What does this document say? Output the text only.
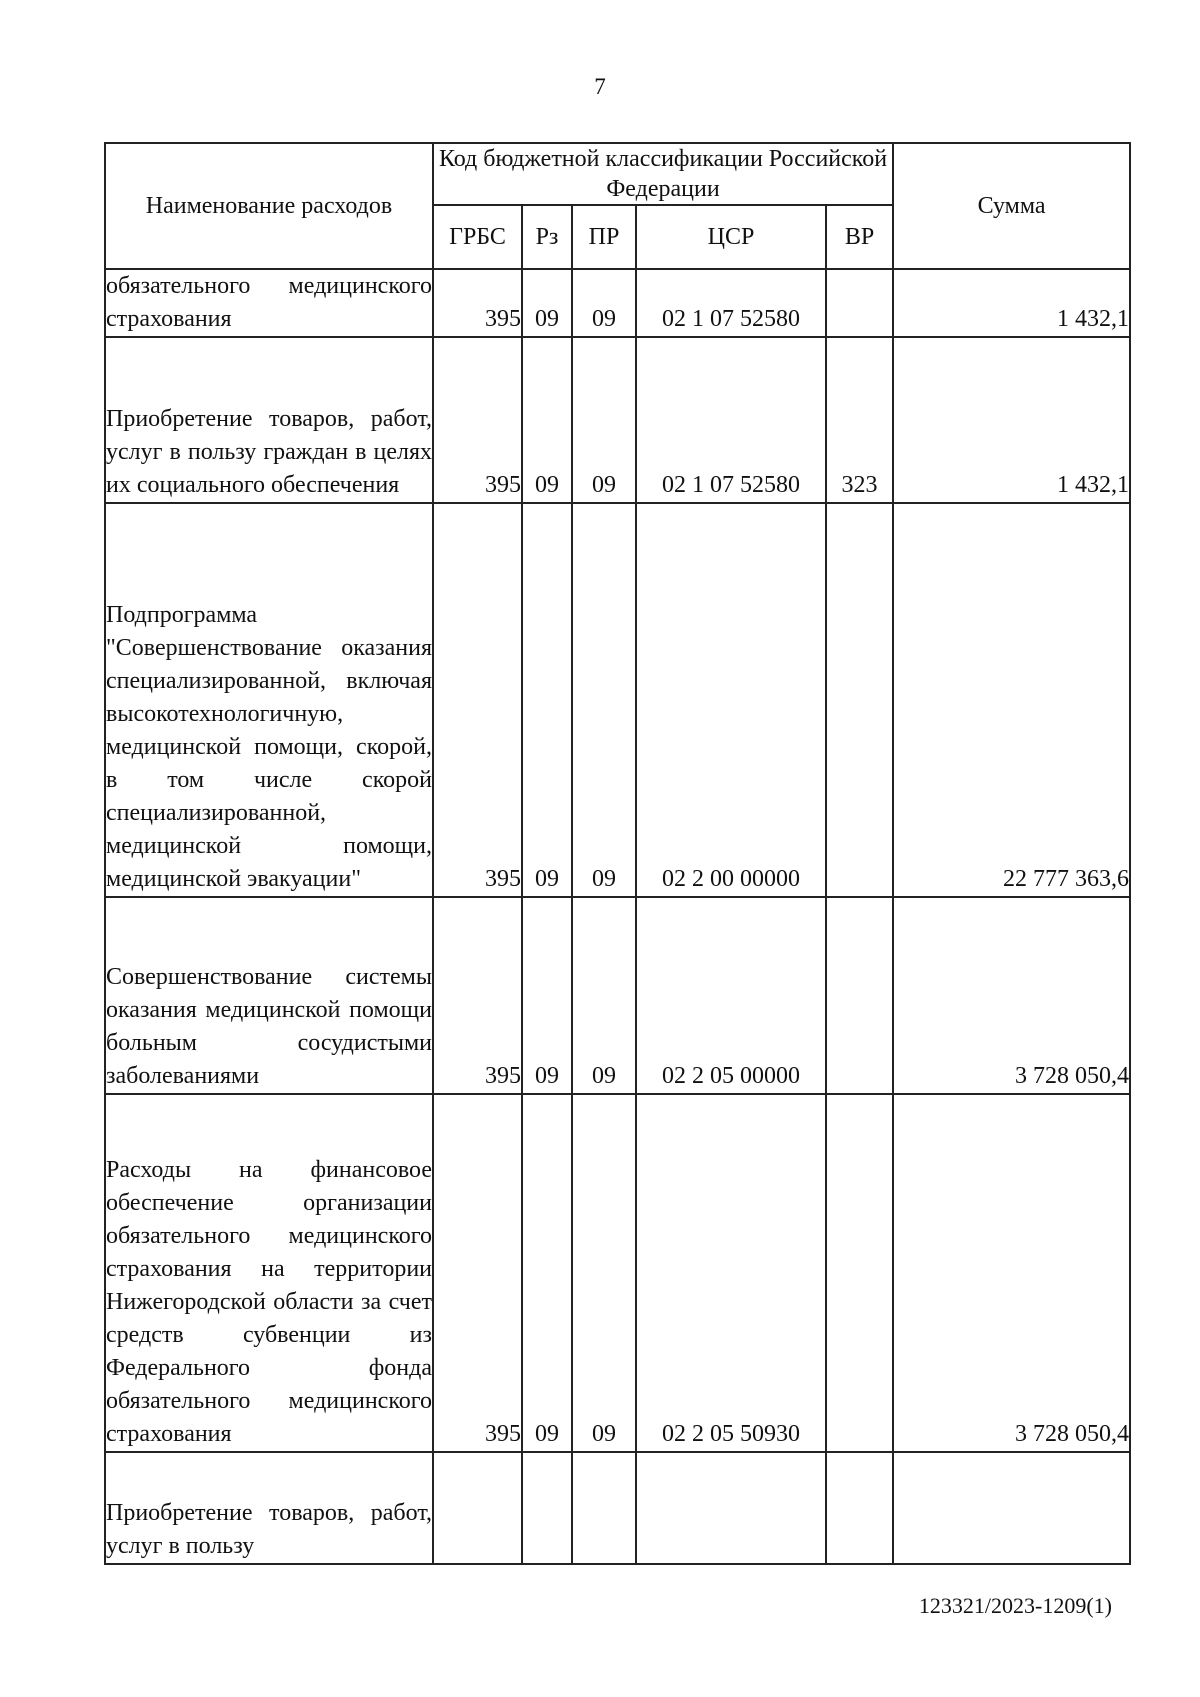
7
Наименование расходов	Код бюджетной классификации Российской Федерации					Сумма
	ГРБС	Рз	ПР	ЦСР	ВР	
обязательного медицинского страхования	395	09	09	02 1 07 52580		1 432,1
Приобретение товаров, работ, услуг в пользу граждан в целях их социального обеспечения	395	09	09	02 1 07 52580	323	1 432,1
Подпрограмма "Совершенствование оказания специализированной, включая высокотехнологичную, медицинской помощи, скорой, в том числе скорой специализированной, медицинской помощи, медицинской эвакуации"	395	09	09	02 2 00 00000		22 777 363,6
Совершенствование системы оказания медицинской помощи больным сосудистыми заболеваниями	395	09	09	02 2 05 00000		3 728 050,4
Расходы на финансовое обеспечение организации обязательного медицинского страхования на территории Нижегородской области за счет средств субвенции из Федерального фонда обязательного медицинского страхования	395	09	09	02 2 05 50930		3 728 050,4
Приобретение товаров, работ, услуг в пользу						
123321/2023-1209(1)
